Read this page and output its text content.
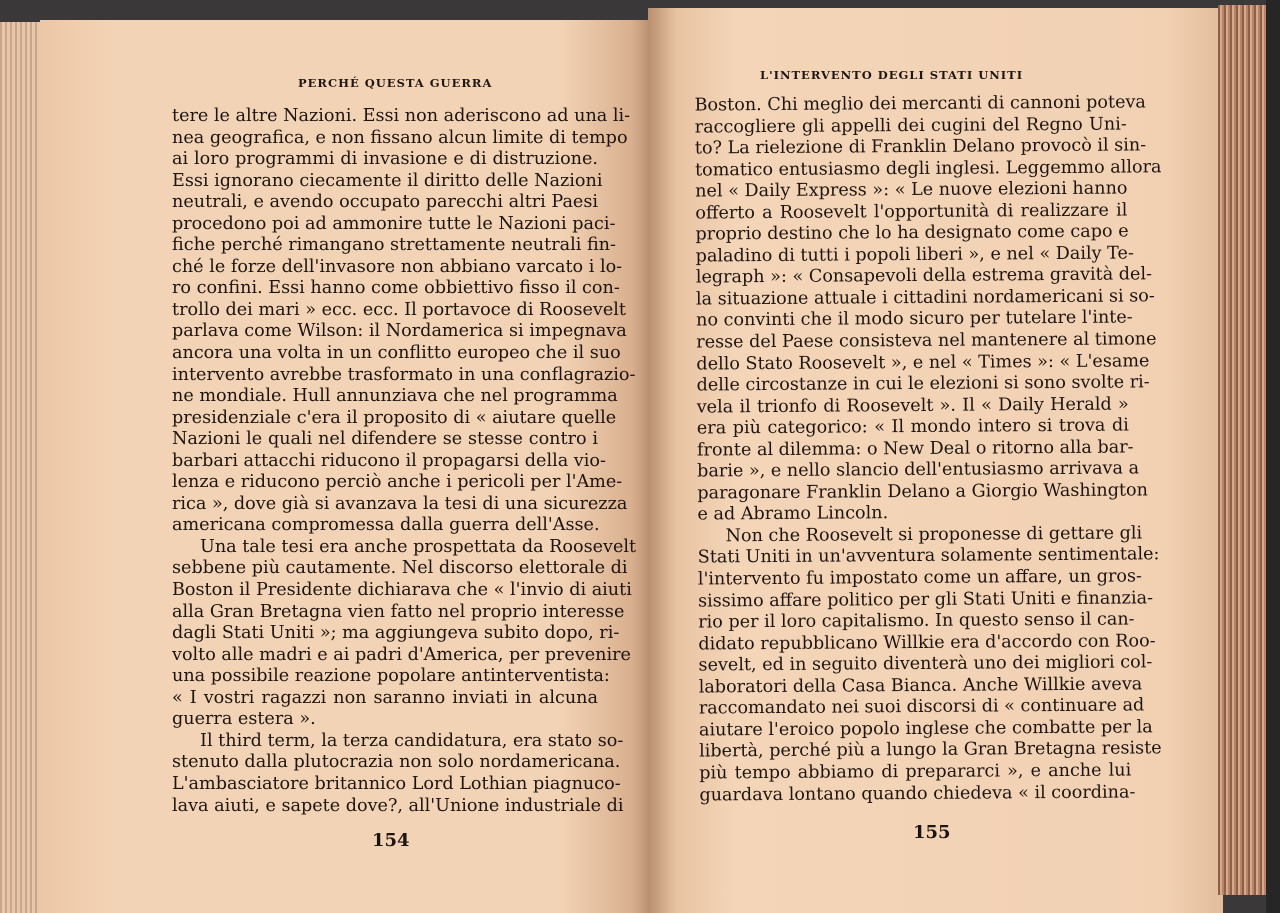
PERCHÉ QUESTA GUERRA
L'INTERVENTO DEGLI STATI UNITI
tere le altre Nazioni. Essi non aderiscono ad una li-
nea geografica, e non fissano alcun limite di tempo
ai loro programmi di invasione e di distruzione.
Essi ignorano ciecamente il diritto delle Nazioni
neutrali, e avendo occupato parecchi altri Paesi
procedono poi ad ammonire tutte le Nazioni paci-
fiche perché rimangano strettamente neutrali fin-
ché le forze dell'invasore non abbiano varcato i lo-
ro confini. Essi hanno come obbiettivo fisso il con-
trollo dei mari » ecc. ecc. Il portavoce di Roosevelt
parlava come Wilson: il Nordamerica si impegnava
ancora una volta in un conflitto europeo che il suo
intervento avrebbe trasformato in una conflagrazio-
ne mondiale. Hull annunziava che nel programma
presidenziale c'era il proposito di « aiutare quelle
Nazioni le quali nel difendere se stesse contro i
barbari attacchi riducono il propagarsi della vio-
lenza e riducono perciò anche i pericoli per l'Ame-
rica », dove già si avanzava la tesi di una sicurezza
americana compromessa dalla guerra dell'Asse.
Una tale tesi era anche prospettata da Roosevelt
sebbene più cautamente. Nel discorso elettorale di
Boston il Presidente dichiarava che « l'invio di aiuti
alla Gran Bretagna vien fatto nel proprio interesse
dagli Stati Uniti »; ma aggiungeva subito dopo, ri-
volto alle madri e ai padri d'America, per prevenire
una possibile reazione popolare antinterventista:
« I vostri ragazzi non saranno inviati in alcuna
guerra estera ».
Il third term, la terza candidatura, era stato so-
stenuto dalla plutocrazia non solo nordamericana.
L'ambasciatore britannico Lord Lothian piagnuco-
lava aiuti, e sapete dove?, all'Unione industriale di
Boston. Chi meglio dei mercanti di cannoni poteva
raccogliere gli appelli dei cugini del Regno Uni-
to? La rielezione di Franklin Delano provocò il sin-
tomatico entusiasmo degli inglesi. Leggemmo allora
nel « Daily Express »: « Le nuove elezioni hanno
offerto a Roosevelt l'opportunità di realizzare il
proprio destino che lo ha designato come capo e
paladino di tutti i popoli liberi », e nel « Daily Te-
legraph »: « Consapevoli della estrema gravità del-
la situazione attuale i cittadini nordamericani si so-
no convinti che il modo sicuro per tutelare l'inte-
resse del Paese consisteva nel mantenere al timone
dello Stato Roosevelt », e nel « Times »: « L'esame
delle circostanze in cui le elezioni si sono svolte ri-
vela il trionfo di Roosevelt ». Il « Daily Herald »
era più categorico: « Il mondo intero si trova di
fronte al dilemma: o New Deal o ritorno alla bar-
barie », e nello slancio dell'entusiasmo arrivava a
paragonare Franklin Delano a Giorgio Washington
e ad Abramo Lincoln.
Non che Roosevelt si proponesse di gettare gli
Stati Uniti in un'avventura solamente sentimentale:
l'intervento fu impostato come un affare, un gros-
sissimo affare politico per gli Stati Uniti e finanzia-
rio per il loro capitalismo. In questo senso il can-
didato repubblicano Willkie era d'accordo con Roo-
sevelt, ed in seguito diventerà uno dei migliori col-
laboratori della Casa Bianca. Anche Willkie aveva
raccomandato nei suoi discorsi di « continuare ad
aiutare l'eroico popolo inglese che combatte per la
libertà, perché più a lungo la Gran Bretagna resiste
più tempo abbiamo di prepararci », e anche lui
guardava lontano quando chiedeva « il coordina-
154	155
